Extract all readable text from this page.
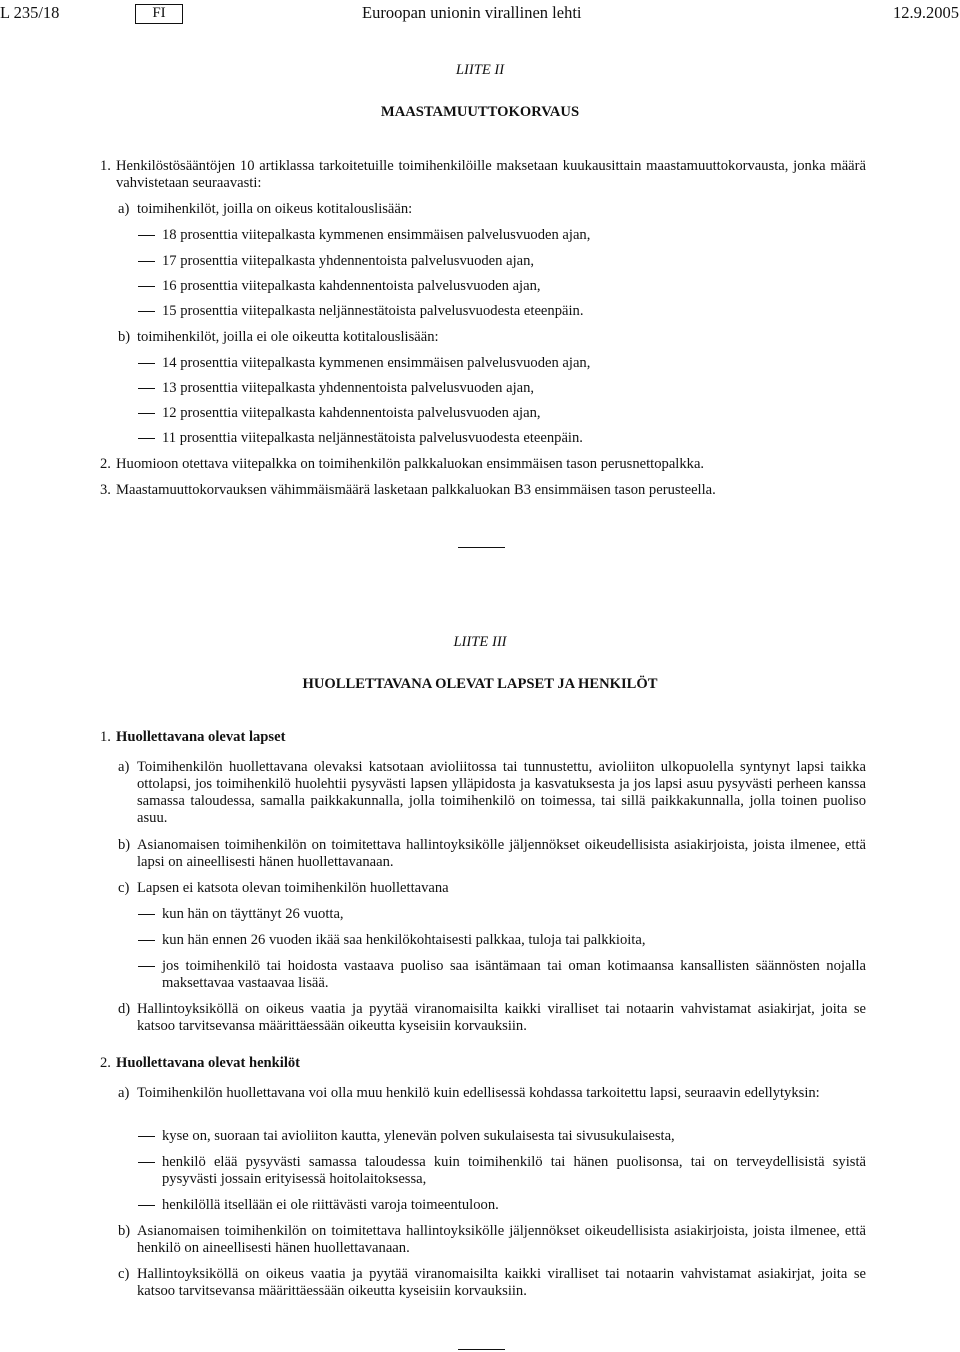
L 235/18	FI	Euroopan unionin virallinen lehti	12.9.2005
LIITE II
MAASTAMUUTTOKORVAUS
1. Henkilöstösääntöjen 10 artiklassa tarkoitetuille toimihenkilöille maksetaan kuukausittain maastamuuttokorvausta, jonka määrä vahvistetaan seuraavasti:
a) toimihenkilöt, joilla on oikeus kotitalouslisään:
18 prosenttia viitepalkasta kymmenen ensimmäisen palvelusvuoden ajan,
17 prosenttia viitepalkasta yhdennentoista palvelusvuoden ajan,
16 prosenttia viitepalkasta kahdennentoista palvelusvuoden ajan,
15 prosenttia viitepalkasta neljännestätoista palvelusvuodesta eteenpäin.
b) toimihenkilöt, joilla ei ole oikeutta kotitalouslisään:
14 prosenttia viitepalkasta kymmenen ensimmäisen palvelusvuoden ajan,
13 prosenttia viitepalkasta yhdennentoista palvelusvuoden ajan,
12 prosenttia viitepalkasta kahdennentoista palvelusvuoden ajan,
11 prosenttia viitepalkasta neljännestätoista palvelusvuodesta eteenpäin.
2. Huomioon otettava viitepalkka on toimihenkilön palkkaluokan ensimmäisen tason perusnettopalkka.
3. Maastamuuttokorvauksen vähimmäismäärä lasketaan palkkaluokan B3 ensimmäisen tason perusteella.
LIITE III
HUOLLETTAVANA OLEVAT LAPSET JA HENKILÖT
1. Huollettavana olevat lapset
a) Toimihenkilön huollettavana olevaksi katsotaan avioliitossa tai tunnustettu, avioliiton ulkopuolella syntynyt lapsi taikka ottolapsi, jos toimihenkilö huolehtii pysyvästi lapsen ylläpidosta ja kasvatuksesta ja jos lapsi asuu pysyvästi perheen kanssa samassa taloudessa, samalla paikkakunnalla, jolla toimihenkilö on toimessa, tai sillä paikkakunnalla, jolla toinen puoliso asuu.
b) Asianomaisen toimihenkilön on toimitettava hallintoyksikölle jäljennökset oikeudellisista asiakirjoista, joista ilmenee, että lapsi on aineellisesti hänen huollettavanaan.
c) Lapsen ei katsota olevan toimihenkilön huollettavana
kun hän on täyttänyt 26 vuotta,
kun hän ennen 26 vuoden ikää saa henkilökohtaisesti palkkaa, tuloja tai palkkioita,
jos toimihenkilö tai hoidosta vastaava puoliso saa isäntämaan tai oman kotimaansa kansallisten säännösten nojalla maksettavaa vastaavaa lisää.
d) Hallintoyksiköllä on oikeus vaatia ja pyytää viranomaisilta kaikki viralliset tai notaarin vahvistamat asiakirjat, joita se katsoo tarvitsevansa määrittäessään oikeutta kyseisiin korvauksiin.
2. Huollettavana olevat henkilöt
a) Toimihenkilön huollettavana voi olla muu henkilö kuin edellisessä kohdassa tarkoitettu lapsi, seuraavin edellytyksin:
kyse on, suoraan tai avioliiton kautta, ylenevän polven sukulaisesta tai sivusukulaisesta,
henkilö elää pysyvästi samassa taloudessa kuin toimihenkilö tai hänen puolisonsa, tai on terveydellisistä syistä pysyvästi jossain erityisessä hoitolaitoksessa,
henkilöllä itsellään ei ole riittävästi varoja toimeentuloon.
b) Asianomaisen toimihenkilön on toimitettava hallintoyksikölle jäljennökset oikeudellisista asiakirjoista, joista ilmenee, että henkilö on aineellisesti hänen huollettavanaan.
c) Hallintoyksiköllä on oikeus vaatia ja pyytää viranomaisilta kaikki viralliset tai notaarin vahvistamat asiakirjat, joita se katsoo tarvitsevansa määrittäessään oikeutta kyseisiin korvauksiin.
